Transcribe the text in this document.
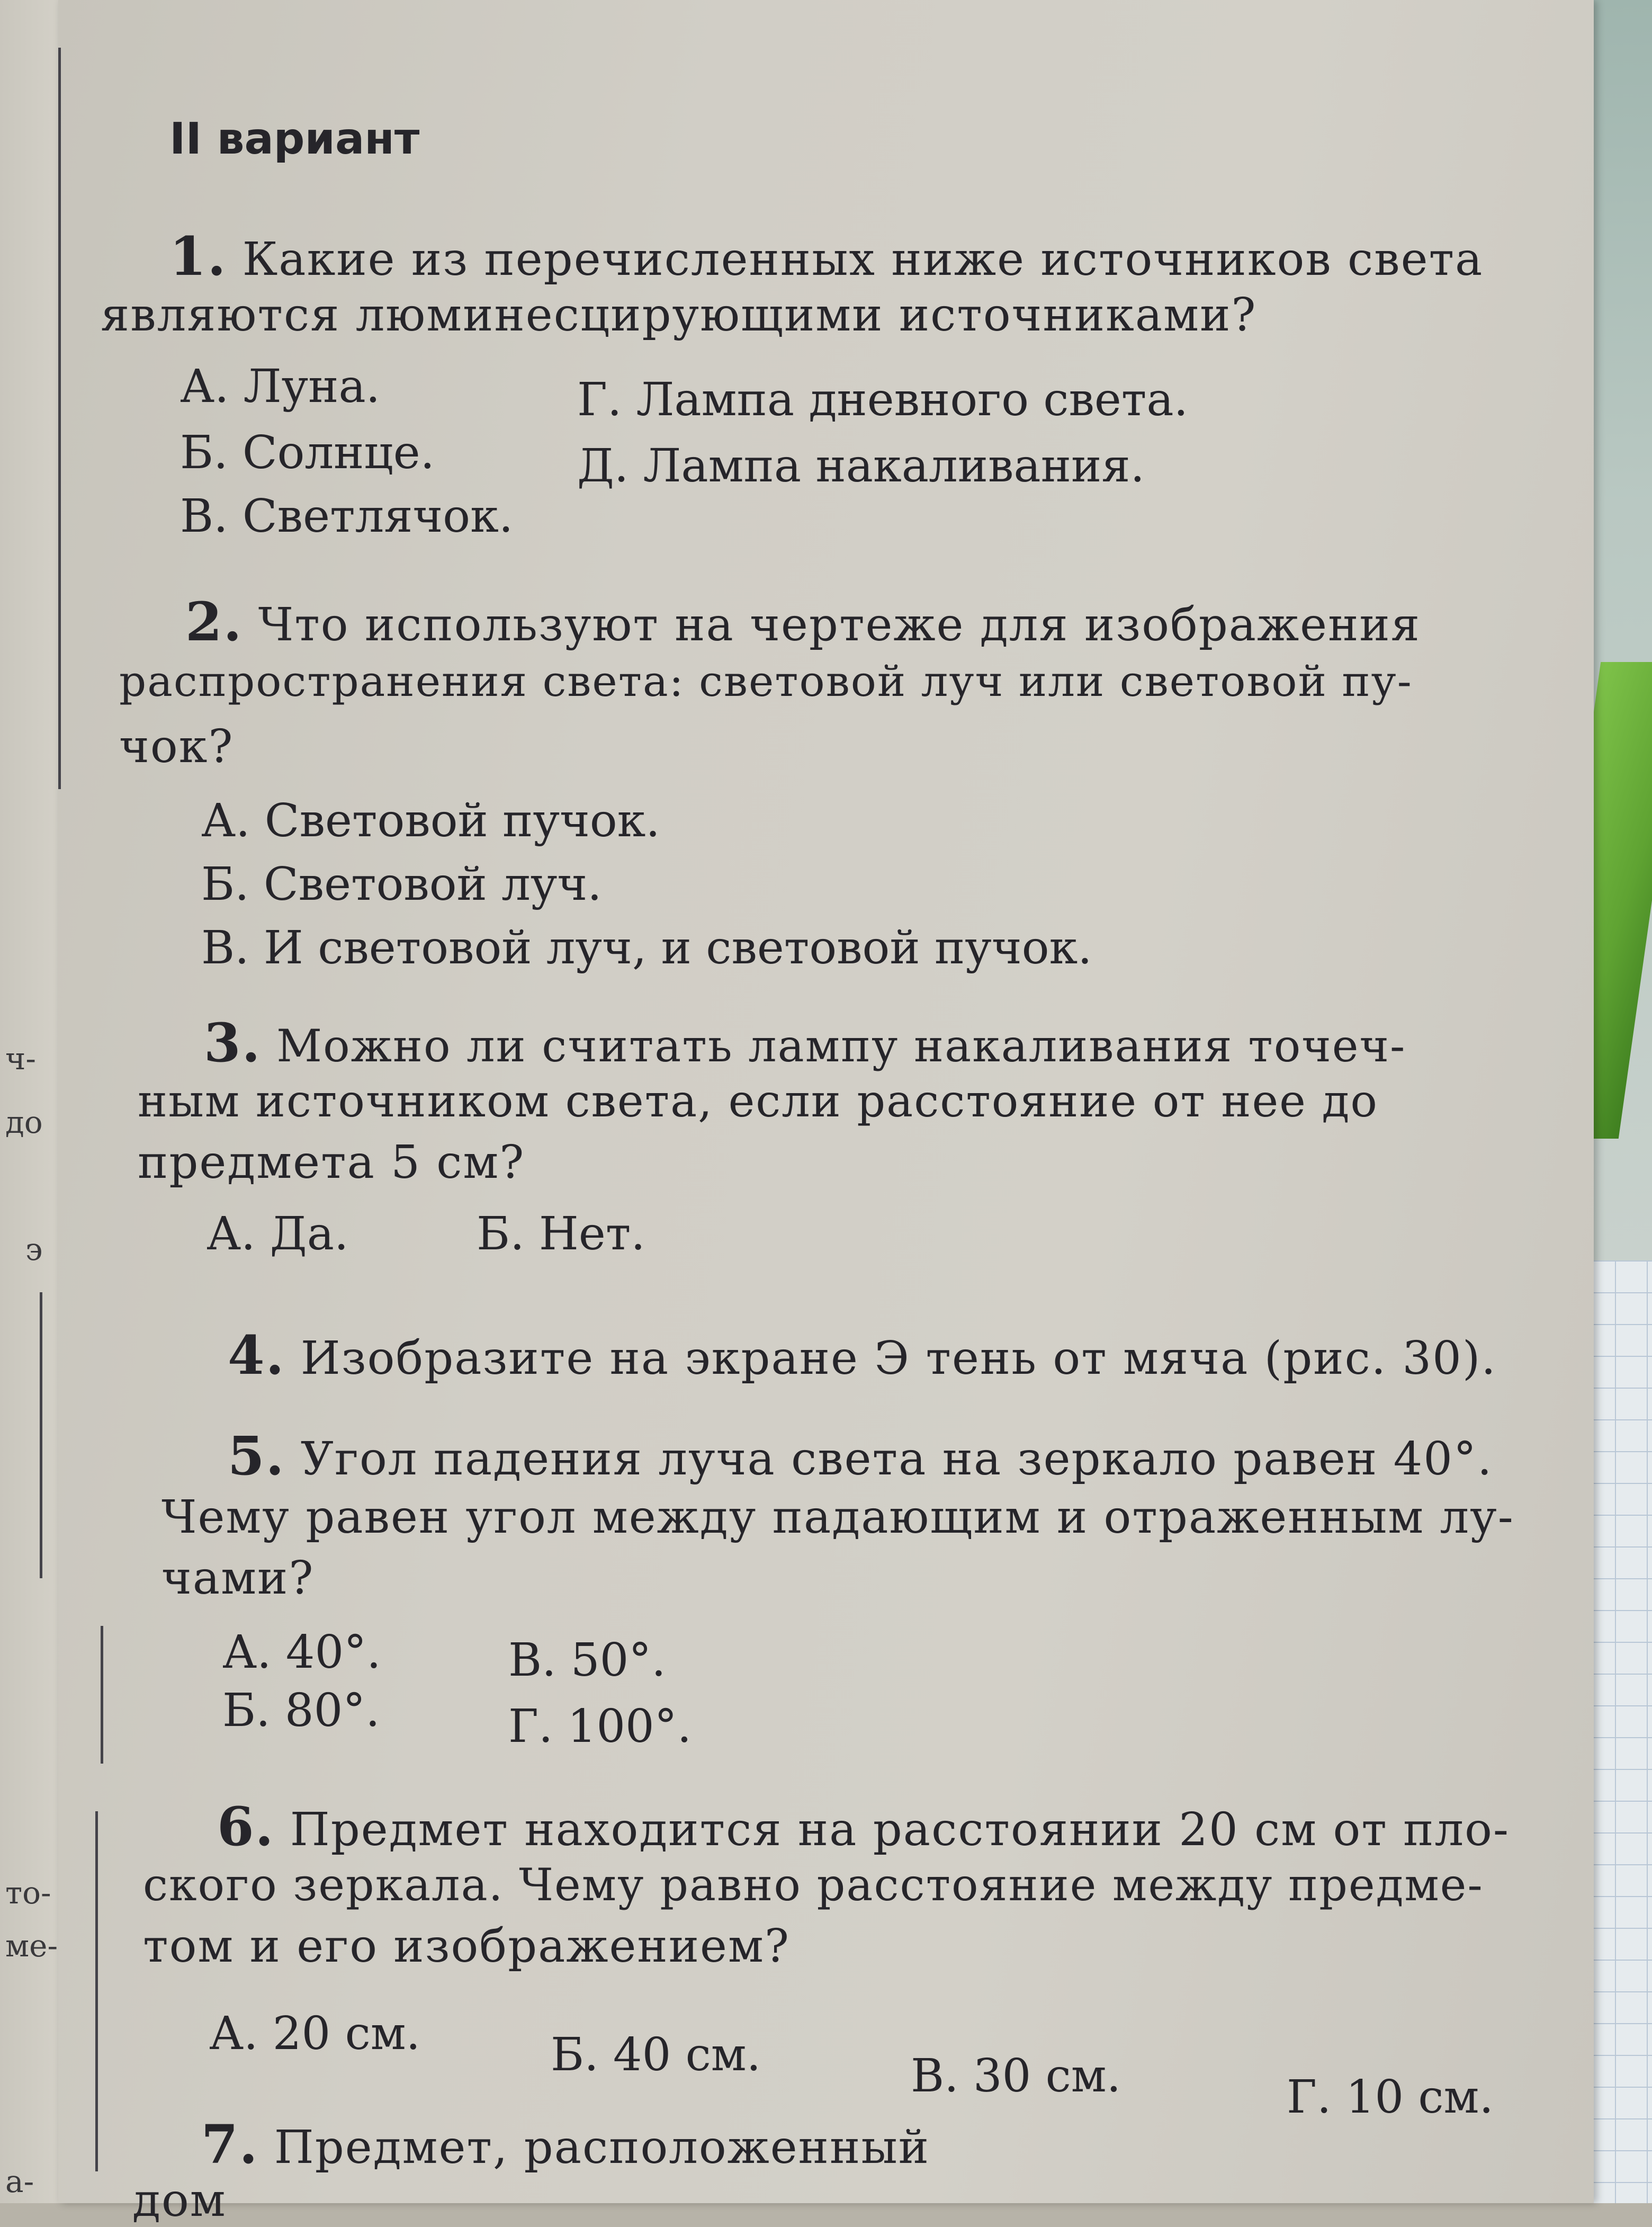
ч-
до
э
то-
ме-
а-
II вариант
1. Какие из перечисленных ниже источников света
являются люминесцирующими источниками?
А. Луна.
Б. Солнце.
В. Светлячок.
Г. Лампа дневного света.
Д. Лампа накаливания.
2. Что используют на чертеже для изображения
распространения света: световой луч или световой пу-
чок?
А. Световой пучок.
Б. Световой луч.
В. И световой луч, и световой пучок.
3. Можно ли считать лампу накаливания точеч-
ным источником света, если расстояние от нее до
предмета 5 см?
А. Да.	Б. Нет.
4. Изобразите на экране Э тень от мяча (рис. 30).
5. Угол падения луча света на зеркало равен 40°.
Чему равен угол между падающим и отраженным лу-
чами?
А. 40°.
Б. 80°.
В. 50°.
Г. 100°.
6. Предмет находится на расстоянии 20 см от пло-
ского зеркала. Чему равно расстояние между предме-
том и его изображением?
А. 20 см.	Б. 40 см.	В. 30 см.	Г. 10 см.
7. Предмет, расположенный
дом
